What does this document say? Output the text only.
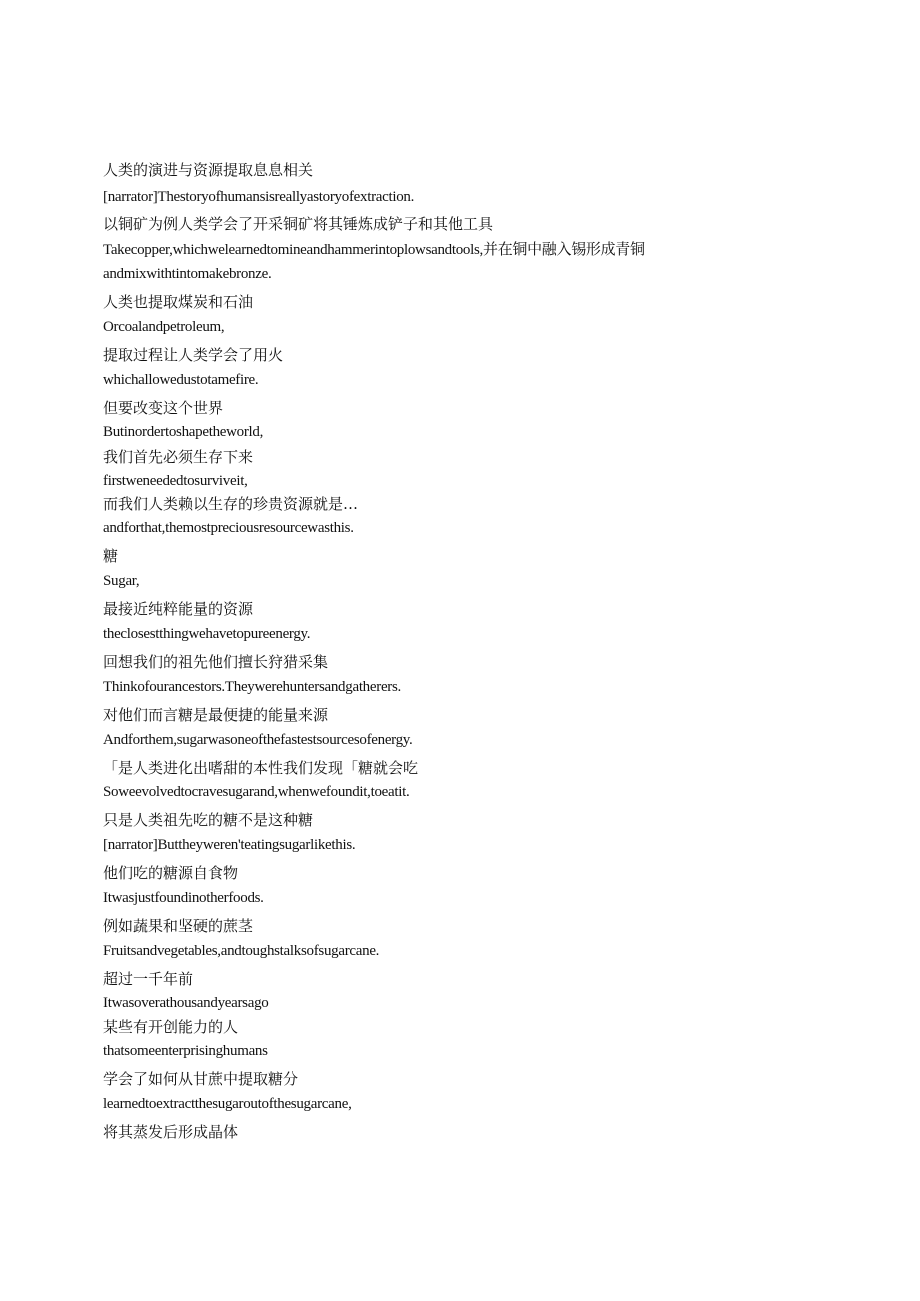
人类的演进与资源提取息息相关
[narrator]Thestoryofhumansisreallyastoryofextraction.
以铜矿为例人类学会了开采铜矿将其锤炼成铲子和其他工具
Takecopper,whichwelearnedtomineandhammerintoplowsandtools,并在铜中融入锡形成青铜
andmixwithtintomakebronze.
人类也提取煤炭和石油
Orcoalandpetroleum,
提取过程让人类学会了用火
whichallowedustotamefire.
但要改变这个世界
Butinordertoshapetheworld,
我们首先必须生存下来
firstweneededtosurviveit,
而我们人类赖以生存的珍贵资源就是…
andforthat,themostpreciousresourcewasthis.
糖
Sugar,
最接近纯粹能量的资源
theclosestthingwehavetopureenergy.
回想我们的祖先他们擅长狩猎采集
Thinkofourancestors.Theywerehuntersandgatherers.
对他们而言糖是最便捷的能量来源
Andforthem,sugarwasoneofthefastestsourcesofenergy.
「是人类进化出嗜甜的本性我们发现「糖就会吃
Soweevolvedtocravesugarand,whenwefoundit,toeatit.
只是人类祖先吃的糖不是这种糖
[narrator]Buttheyweren'teatingsugarlikethis.
他们吃的糖源自食物
Itwasjustfoundinotherfoods.
例如蔬果和坚硬的蔗茎
Fruitsandvegetables,andtoughstalksofsugarcane.
超过一千年前
Itwasoverathousandyearsago
某些有开创能力的人
thatsomeenterprisinghumans
学会了如何从甘蔗中提取糖分
learnedtoextractthesugaroutofthesugarcane,
将其蒸发后形成晶体
